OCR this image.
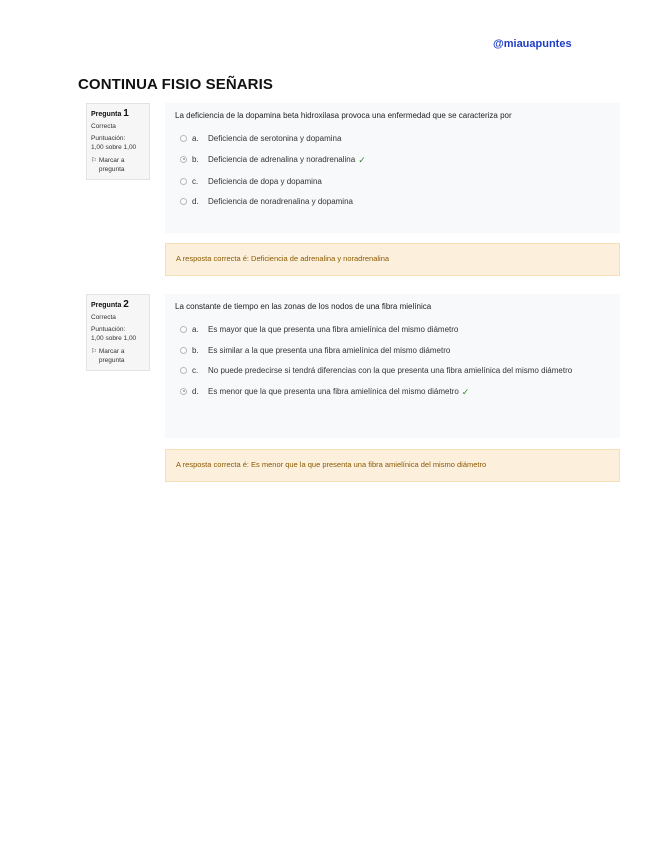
@miauapuntes
CONTINUA FISIO SEÑARIS
Pregunta 1
Correcta
Puntuación:
1,00 sobre 1,00
⚐ Marcar a pregunta
La deficiencia de la dopamina beta hidroxilasa provoca una enfermedad que se caracteriza por
a.	Deficiencia de serotonina y dopamina
b.	Deficiencia de adrenalina y noradrenalina ✓
c.	Deficiencia de dopa y dopamina
d.	Deficiencia de noradrenalina y dopamina
A resposta correcta é: Deficiencia de adrenalina y noradrenalina
Pregunta 2
Correcta
Puntuación:
1,00 sobre 1,00
⚐ Marcar a pregunta
La constante de tiempo en las zonas de los nodos de una fibra mielínica
a.	Es mayor que la que presenta una fibra amielínica del mismo diámetro
b.	Es similar a la que presenta una fibra amielínica del mismo diámetro
c.	No puede predecirse si tendrá diferencias con la que presenta una fibra amielínica del mismo diámetro
d.	Es menor que la que presenta una fibra amielínica del mismo diámetro ✓
A resposta correcta é: Es menor que la que presenta una fibra amielínica del mismo diámetro
